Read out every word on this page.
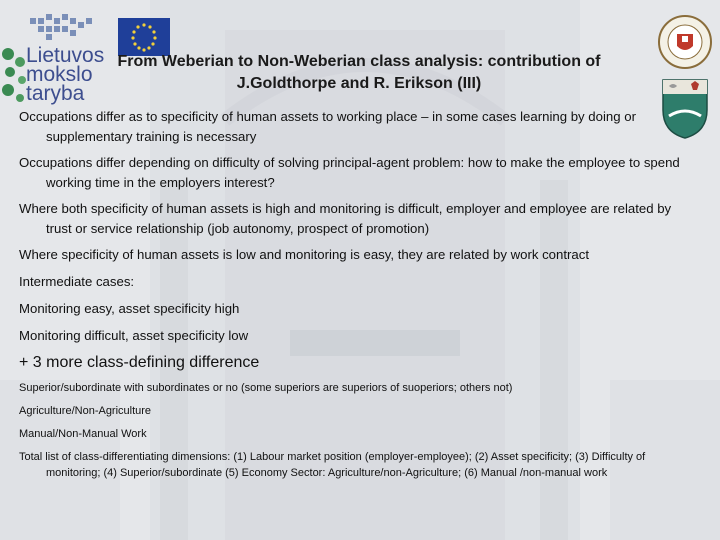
Lietuvos
mokslo
taryba
From Weberian to Non-Weberian class analysis: contribution of
J.Goldthorpe and R. Erikson (III)

Occupations differ as to specificity of human assets to working place – in some cases learning by doing or supplementary training is necessary

Occupations differ depending on difficulty of solving principal-agent problem: how to make the employee to spend working time in the employers interest?

Where both specificity of human assets is high and monitoring is difficult, employer and employee are related by trust or service relationship (job autonomy, prospect of promotion)

Where specificity of human assets is low and monitoring is easy, they are related by work contract

Intermediate cases:

Monitoring easy, asset specificity high

Monitoring difficult, asset specificity low

+ 3 more class-defining difference

Superior/subordinate with subordinates or no (some superiors are superiors of suoperiors; others not)

Agriculture/Non-Agriculture

Manual/Non-Manual Work

Total list of class-differentiating dimensions: (1) Labour market position (employer-employee); (2) Asset specificity; (3) Difficulty of monitoring; (4) Superior/subordinate (5) Economy Sector: Agriculture/non-Agriculture; (6) Manual /non-manual work
